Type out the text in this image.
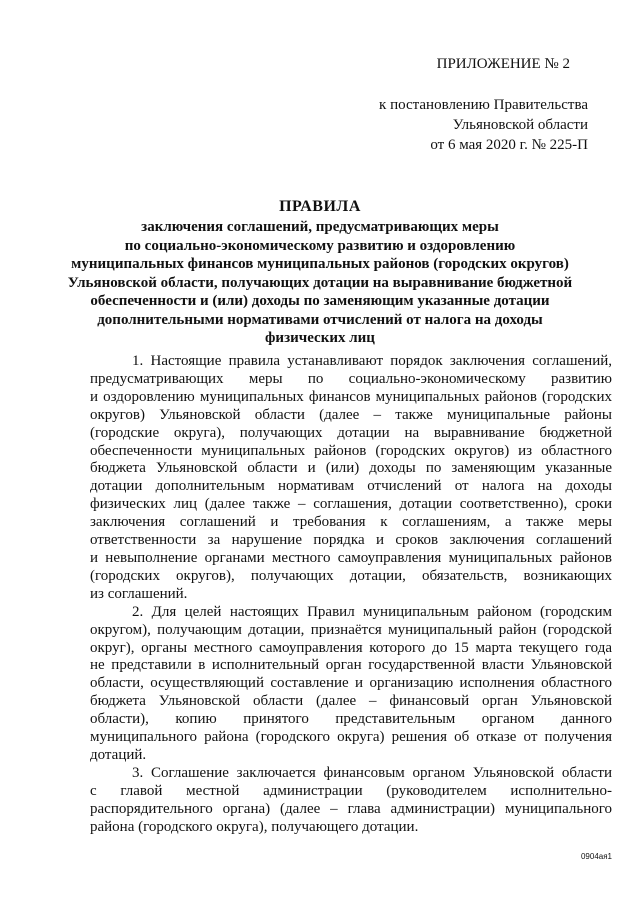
ПРИЛОЖЕНИЕ № 2
к постановлению Правительства
Ульяновской области
от 6 мая 2020 г. № 225-П
ПРАВИЛА
заключения соглашений, предусматривающих меры
по социально-экономическому развитию и оздоровлению
муниципальных финансов муниципальных районов (городских округов)
Ульяновской области, получающих дотации на выравнивание бюджетной
обеспеченности и (или) доходы по заменяющим указанные дотации
дополнительными нормативами отчислений от налога на доходы
физических лиц
1. Настоящие правила устанавливают порядок заключения соглашений,
предусматривающих меры по социально-экономическому развитию
и оздоровлению муниципальных финансов муниципальных районов (городских
округов) Ульяновской области (далее – также муниципальные районы
(городские округа), получающих дотации на выравнивание бюджетной
обеспеченности муниципальных районов (городских округов) из областного
бюджета Ульяновской области и (или) доходы по заменяющим указанные
дотации дополнительным нормативам отчислений от налога на доходы
физических лиц (далее также – соглашения, дотации соответственно), сроки
заключения соглашений и требования к соглашениям, а также меры
ответственности за нарушение порядка и сроков заключения соглашений
и невыполнение органами местного самоуправления муниципальных районов
(городских округов), получающих дотации, обязательств, возникающих
из соглашений.
2. Для целей настоящих Правил муниципальным районом (городским
округом), получающим дотации, признаётся муниципальный район (городской
округ), органы местного самоуправления которого до 15 марта текущего года
не представили в исполнительный орган государственной власти Ульяновской
области, осуществляющий составление и организацию исполнения областного
бюджета Ульяновской области (далее – финансовый орган Ульяновской
области), копию принятого представительным органом данного
муниципального района (городского округа) решения об отказе от получения
дотаций.
3. Соглашение заключается финансовым органом Ульяновской области
с главой местной администрации (руководителем исполнительно-
распорядительного органа) (далее – глава администрации) муниципального
района (городского округа), получающего дотации.
0904ая1
